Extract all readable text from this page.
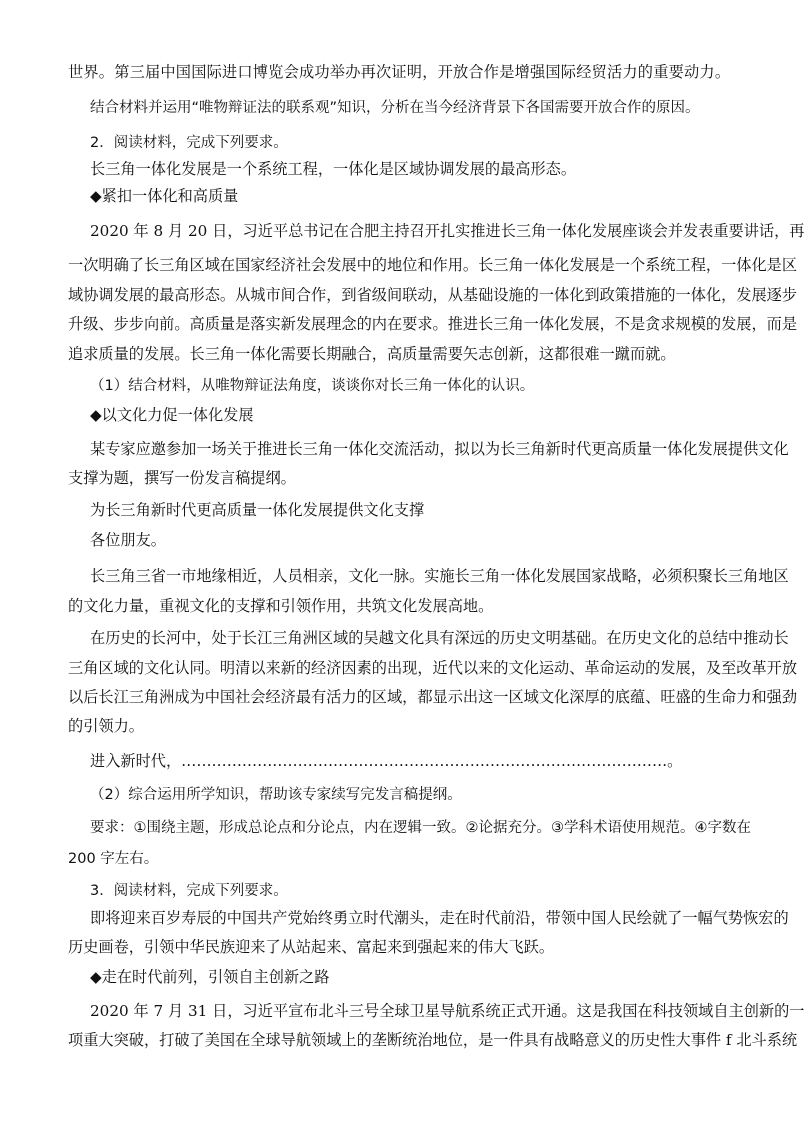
世界。第三届中国国际进口博览会成功举办再次证明，开放合作是增强国际经贸活力的重要动力。
结合材料并运用“唯物辩证法的联系观”知识，分析在当今经济背景下各国需要开放合作的原因。
2．阅读材料，完成下列要求。
长三角一体化发展是一个系统工程，一体化是区域协调发展的最高形态。
◆紧扣一体化和高质量
2020 年 8 月 20 日，习近平总书记在合肥主持召开扎实推进长三角一体化发展座谈会并发表重要讲话，再
一次明确了长三角区域在国家经济社会发展中的地位和作用。长三角一体化发展是一个系统工程，一体化是区
域协调发展的最高形态。从城市间合作，到省级间联动，从基础设施的一体化到政策措施的一体化，发展逐步
升级、步步向前。高质量是落实新发展理念的内在要求。推进长三角一体化发展，不是贪求规模的发展，而是
追求质量的发展。长三角一体化需要长期融合，高质量需要矢志创新，这都很难一蹴而就。
（1）结合材料，从唯物辩证法角度，谈谈你对长三角一体化的认识。
◆以文化力促一体化发展
某专家应邀参加一场关于推进长三角一体化交流活动，拟以为长三角新时代更高质量一体化发展提供文化
支撑为题，撰写一份发言稿提纲。
为长三角新时代更高质量一体化发展提供文化支撑
各位朋友。
长三角三省一市地缘相近，人员相亲，文化一脉。实施长三角一体化发展国家战略，必须积聚长三角地区
的文化力量，重视文化的支撑和引领作用，共筑文化发展高地。
在历史的长河中，处于长江三角洲区域的吴越文化具有深远的历史文明基础。在历史文化的总结中推动长
三角区域的文化认同。明清以来新的经济因素的出现，近代以来的文化运动、革命运动的发展，及至改革开放
以后长江三角洲成为中国社会经济最有活力的区域，都显示出这一区域文化深厚的底蕴、旺盛的生命力和强劲
的引领力。
进入新时代，……………………………………………………………………………………。
（2）综合运用所学知识，帮助该专家续写完发言稿提纲。
要求：①围绕主题，形成总论点和分论点，内在逻辑一致。②论据充分。③学科术语使用规范。④字数在
200 字左右。
3．阅读材料，完成下列要求。
即将迎来百岁寿辰的中国共产党始终勇立时代潮头，走在时代前沿，带领中国人民绘就了一幅气势恢宏的
历史画卷，引领中华民族迎来了从站起来、富起来到强起来的伟大飞跃。
◆走在时代前列，引领自主创新之路
2020 年 7 月 31 日，习近平宣布北斗三号全球卫星导航系统正式开通。这是我国在科技领域自主创新的一
项重大突破，打破了美国在全球导航领域上的垄断统治地位，是一件具有战略意义的历史性大事件 f 北斗系统
